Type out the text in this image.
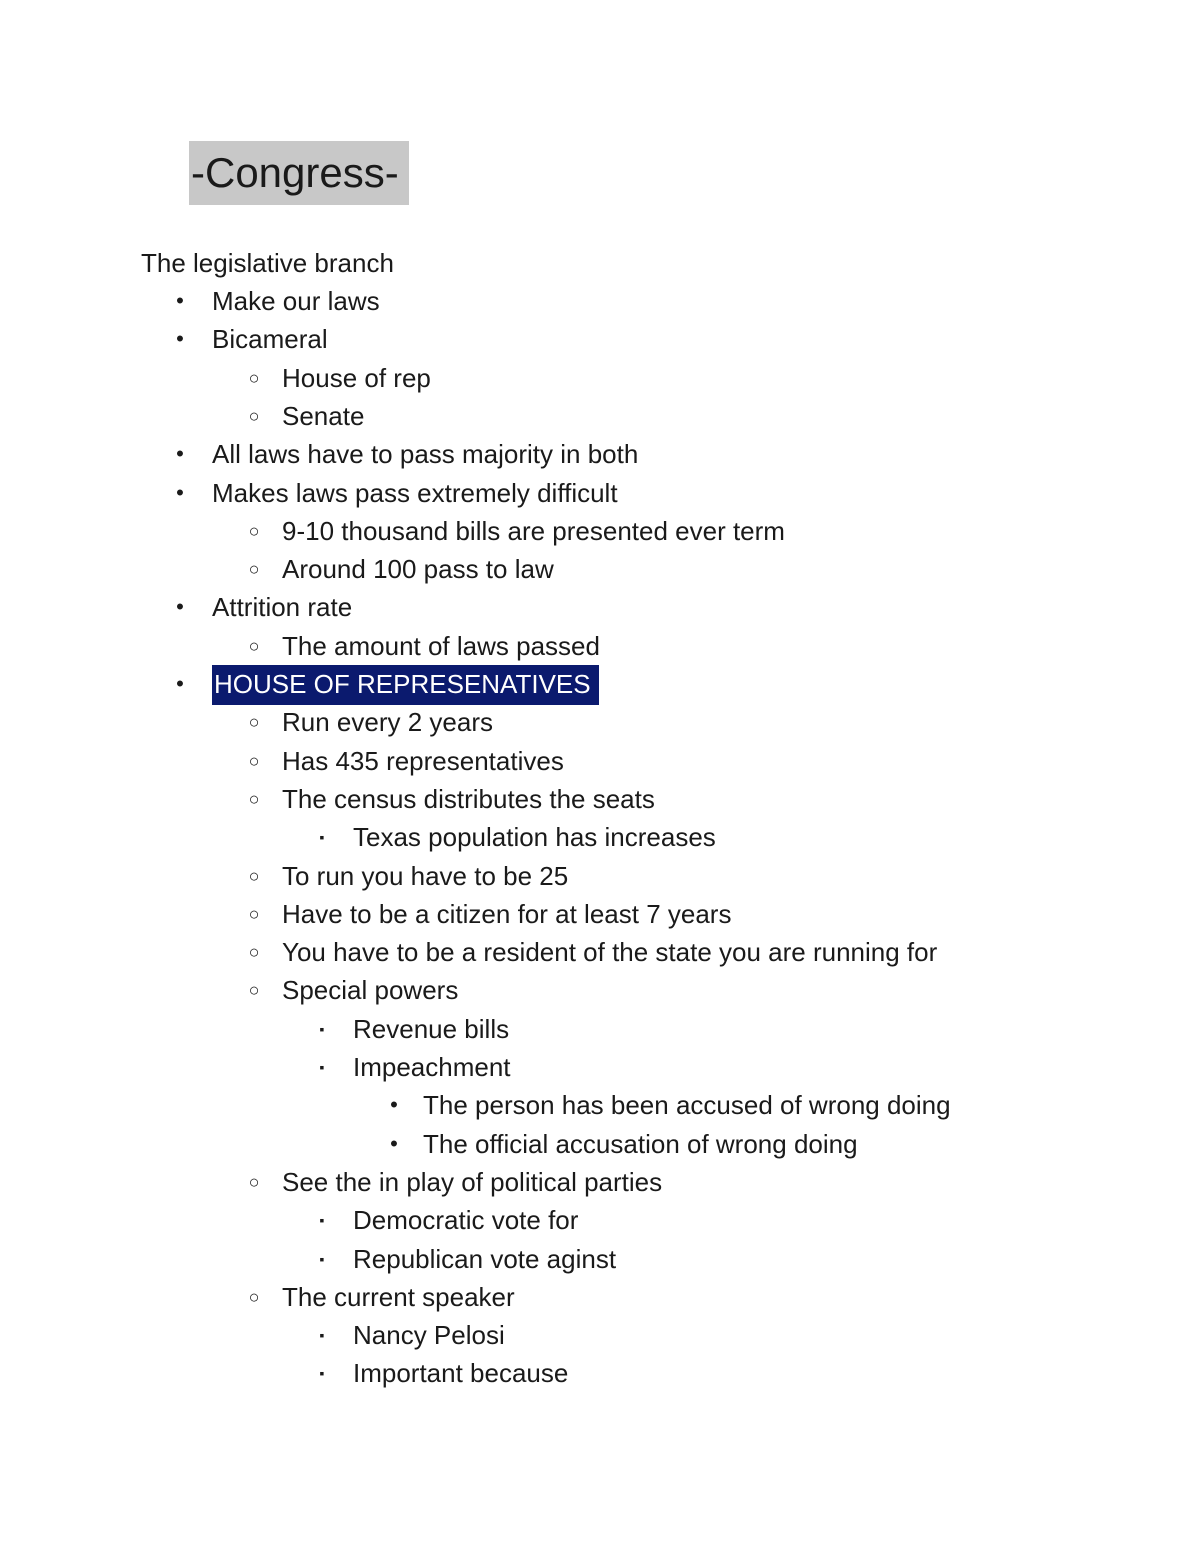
-Congress-
The legislative branch
• Make our laws
• Bicameral
○ House of rep
○ Senate
• All laws have to pass majority in both
• Makes laws pass extremely difficult
○ 9-10 thousand bills are presented ever term
○ Around 100 pass to law
• Attrition rate
○ The amount of laws passed
• HOUSE OF REPRESENATIVES
○ Run every 2 years
○ Has 435 representatives
○ The census distributes the seats
▪ Texas population has increases
○ To run you have to be 25
○ Have to be a citizen for at least 7 years
○ You have to be a resident of the state you are running for
○ Special powers
▪ Revenue bills
▪ Impeachment
• The person has been accused of wrong doing
• The official accusation of wrong doing
○ See the in play of political parties
▪ Democratic vote for
▪ Republican vote aginst
○ The current speaker
▪ Nancy Pelosi
▪ Important because
